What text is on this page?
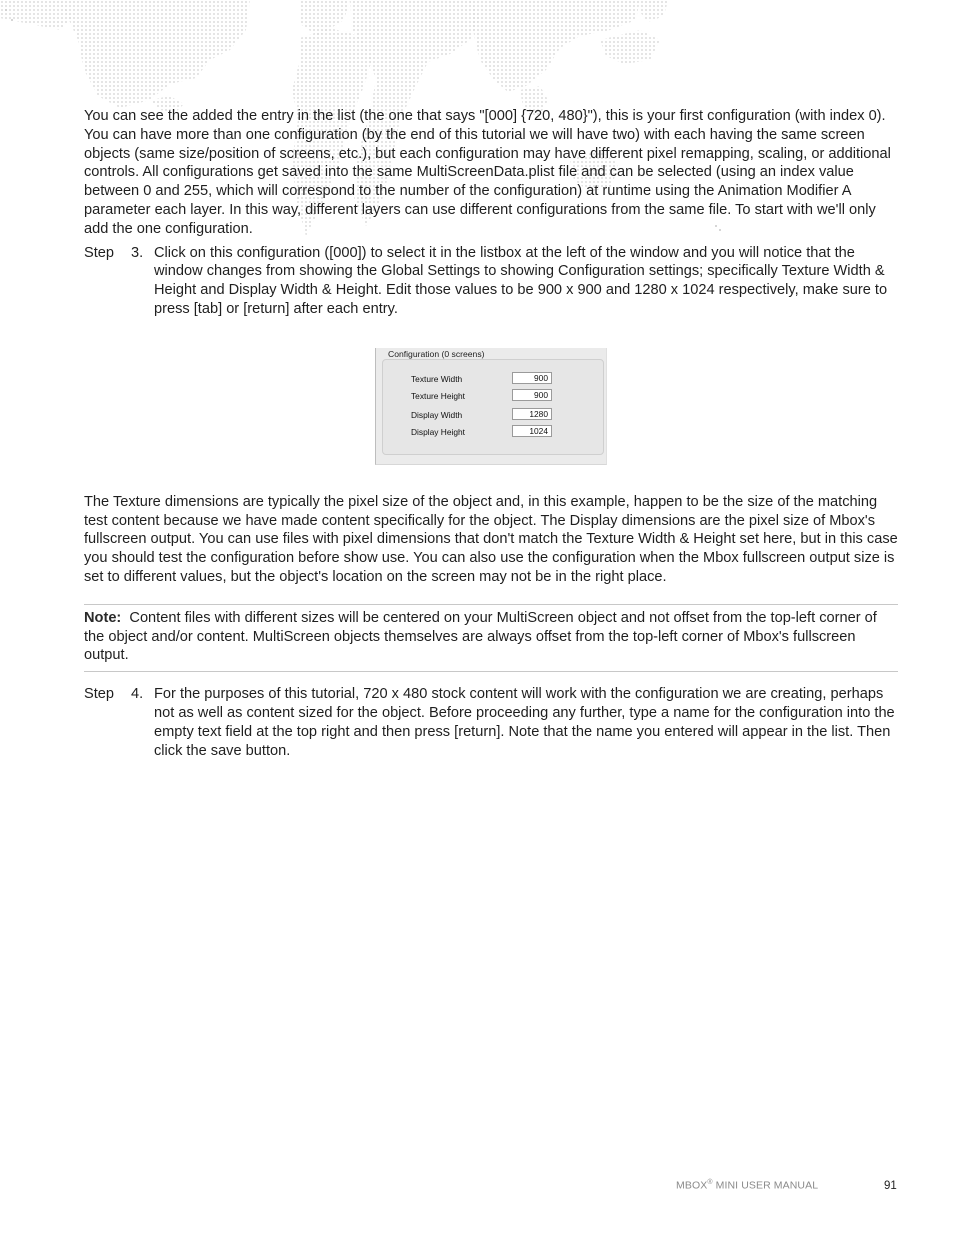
You can see the added the entry in the list (the one that says "[000] {720, 480}"), this is your first configuration (with index 0). You can have more than one configuration (by the end of this tutorial we will have two) with each having the same screen objects (same size/position of screens, etc.), but each configuration may have different pixel remapping, scaling, or additional controls. All configurations get saved into the same MultiScreenData.plist file and can be selected (using an index value between 0 and 255, which will correspond to the number of the configuration) at runtime using the Animation Modifier A parameter each layer. In this way, different layers can use different configurations from the same file. To start with we'll only add the one configuration.

Step 3. Click on this configuration ([000]) to select it in the listbox at the left of the window and you will notice that the window changes from showing the Global Settings to showing Configuration settings; specifically Texture Width & Height and Display Width & Height. Edit those values to be 900 x 900 and 1280 x 1024 respectively, make sure to press [tab] or [return] after each entry.
Configuration (0 screens)
Texture Width	900
Texture Height	900
Display Width	1280
Display Height	1024

The Texture dimensions are typically the pixel size of the object and, in this example, happen to be the size of the matching test content because we have made content specifically for the object. The Display dimensions are the pixel size of Mbox's fullscreen output. You can use files with pixel dimensions that don't match the Texture Width & Height set here, but in this case you should test the configuration before show use. You can also use the configuration when the Mbox fullscreen output size is set to different values, but the object's location on the screen may not be in the right place.

Note: Content files with different sizes will be centered on your MultiScreen object and not offset from the top-left corner of the object and/or content. MultiScreen objects themselves are always offset from the top-left corner of Mbox's fullscreen output.
Step 4. For the purposes of this tutorial, 720 x 480 stock content will work with the configuration we are creating, perhaps not as well as content sized for the object. Before proceeding any further, type a name for the configuration into the empty text field at the top right and then press [return]. Note that the name you entered will appear in the list. Then click the save button.
MBOX® MINI USER MANUAL	91
